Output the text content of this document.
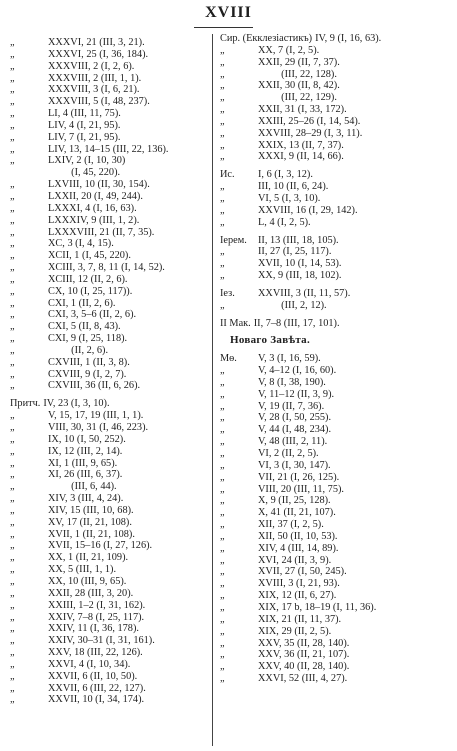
XVIII
„	XXXVI, 21 (III, 3, 21).
„	XXXVI, 25 (I, 36, 184).
„	XXXVIII, 2 (I, 2, 6).
„	XXXVIII, 2 (III, 1, 1).
„	XXXVIII, 3 (I, 6, 21).
„	XXXVIII, 5 (I, 48, 237).
„	LI, 4 (III, 11, 75).
„	LIV, 4 (I, 21, 95).
„	LIV, 7 (I, 21, 95).
„	LIV, 13, 14–15 (III, 22, 136).
„	LXIV, 2 (I, 10, 30)
(I, 45, 220).
„	LXVIII, 10 (II, 30, 154).
„	LXXII, 20 (I, 49, 244).
„	LXXXI, 4 (I, 16, 63).
„	LXXXIV, 9 (III, 1, 2).
„	LXXXVIII, 21 (II, 7, 35).
„	XC, 3 (I, 4, 15).
„	XCII, 1 (I, 45, 220).
„	XCIII, 3, 7, 8, 11 (I, 14, 52).
„	XCIII, 12 (II, 2, 6).
„	CX, 10 (I, 25, 117)).
„	CXI, 1 (II, 2, 6).
„	CXI, 3, 5–6 (II, 2, 6).
„	CXI, 5 (II, 8, 43).
„	CXI, 9 (I, 25, 118).
„	(II, 2, 6).
„	CXVIII, 1 (II, 3, 8).
„	CXVIII, 9 (I, 2, 7).
„	CXVIII, 36 (II, 6, 26).
Притч. IV, 23 (I, 3, 10).
„	V, 15, 17, 19 (III, 1, 1).
„	VIII, 30, 31 (I, 46, 223).
„	IX, 10 (I, 50, 252).
„	IX, 12 (III, 2, 14).
„	XI, 1 (III, 9, 65).
„	XI, 26 (III, 6, 37).
„	(III, 6, 44).
„	XIV, 3 (III, 4, 24).
„	XIV, 15 (III, 10, 68).
„	XV, 17 (II, 21, 108).
„	XVII, 1 (II, 21, 108).
„	XVII, 15–16 (I, 27, 126).
„	XX, 1 (II, 21, 109).
„	XX, 5 (III, 1, 1).
„	XX, 10 (III, 9, 65).
„	XXII, 28 (III, 3, 20).
„	XXIII, 1–2 (I, 31, 162).
„	XXIV, 7–8 (I, 25, 117).
„	XXIV, 11 (I, 36, 178).
„	XXIV, 30–31 (I, 31, 161).
„	XXV, 18 (III, 22, 126).
„	XXVI, 4 (I, 10, 34).
„	XXVII, 6 (II, 10, 50).
„	XXVII, 6 (III, 22, 127).
„	XXVII, 10 (I, 34, 174).
Сир. (Екклезіастикъ) IV, 9 (I, 16, 63).
„	XX, 7 (I, 2, 5).
„	XXII, 29 (II, 7, 37).
„	(III, 22, 128).
„	XXII, 30 (II, 8, 42).
„	(III, 22, 129).
„	XXII, 31 (I, 33, 172).
„	XXIII, 25–26 (I, 14, 54).
„	XXVIII, 28–29 (I, 3, 11).
„	XXIX, 13 (II, 7, 37).
„	XXXI, 9 (II, 14, 66).
Ис.	I, 6 (I, 3, 12).
„	III, 10 (II, 6, 24).
„	VI, 5 (I, 3, 10).
„	XXVIII, 16 (I, 29, 142).
„	L, 4 (I, 2, 5).
Iерем.	II, 13 (III, 18, 105).
„	II, 27 (I, 25, 117).
„	XVII, 10 (I, 14, 53).
„	XX, 9 (III, 18, 102).
Iез.	XXVIII, 3 (II, 11, 57).
„	(III, 2, 12).
II Мак. II, 7–8 (III, 17, 101).
Новаго Завѣта.
Мѳ.	V, 3 (I, 16, 59).
„	V, 4–12 (I, 16, 60).
„	V, 8 (I, 38, 190).
„	V, 11–12 (II, 3, 9).
„	V, 19 (II, 7, 36).
„	V, 28 (I, 50, 255).
„	V, 44 (I, 48, 234).
„	V, 48 (III, 2, 11).
„	VI, 2 (II, 2, 5).
„	VI, 3 (I, 30, 147).
„	VII, 21 (I, 26, 125).
„	VIII, 20 (III, 11, 75).
„	X, 9 (II, 25, 128).
„	X, 41 (II, 21, 107).
„	XII, 37 (I, 2, 5).
„	XII, 50 (II, 10, 53).
„	XIV, 4 (III, 14, 89).
„	XVI, 24 (II, 3, 9).
„	XVII, 27 (I, 50, 245).
„	XVIII, 3 (I, 21, 93).
„	XIX, 12 (II, 6, 27).
„	XIX, 17 b, 18–19 (I, 11, 36).
„	XIX, 21 (II, 11, 37).
„	XIX, 29 (II, 2, 5).
„	XXV, 35 (II, 28, 140).
„	XXV, 36 (II, 21, 107).
„	XXV, 40 (II, 28, 140).
„	XXVI, 52 (III, 4, 27).
